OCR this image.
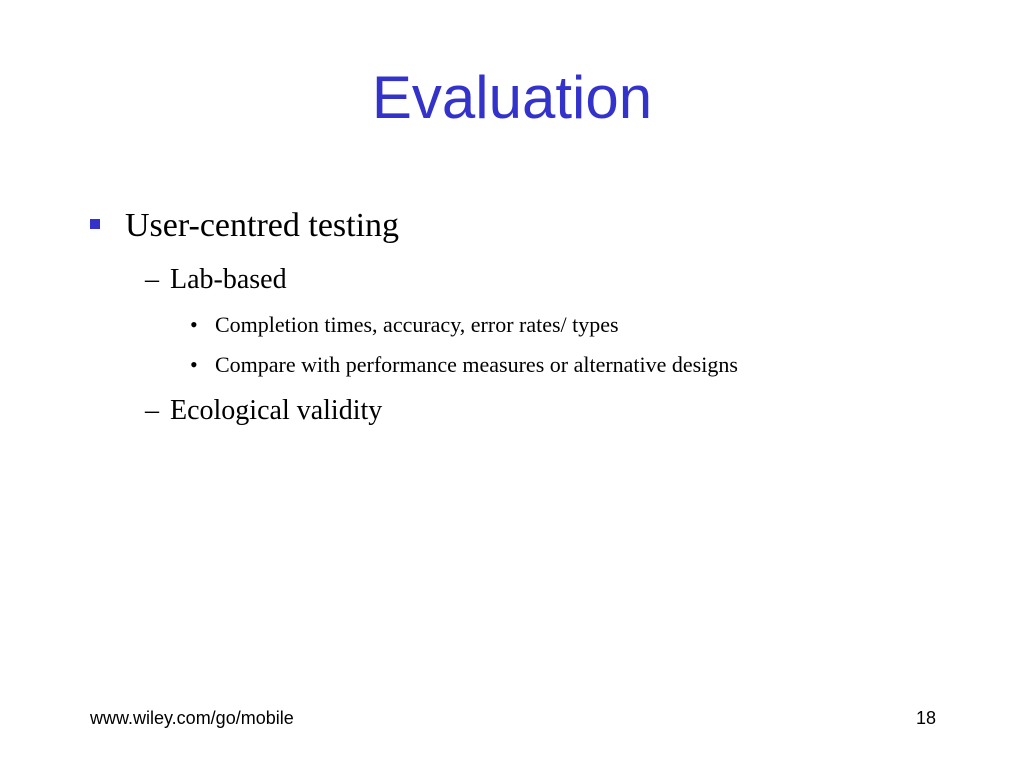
Evaluation
User-centred testing
– Lab-based
• Completion times, accuracy, error rates/ types
• Compare with performance measures or alternative designs
– Ecological validity
www.wiley.com/go/mobile	18
